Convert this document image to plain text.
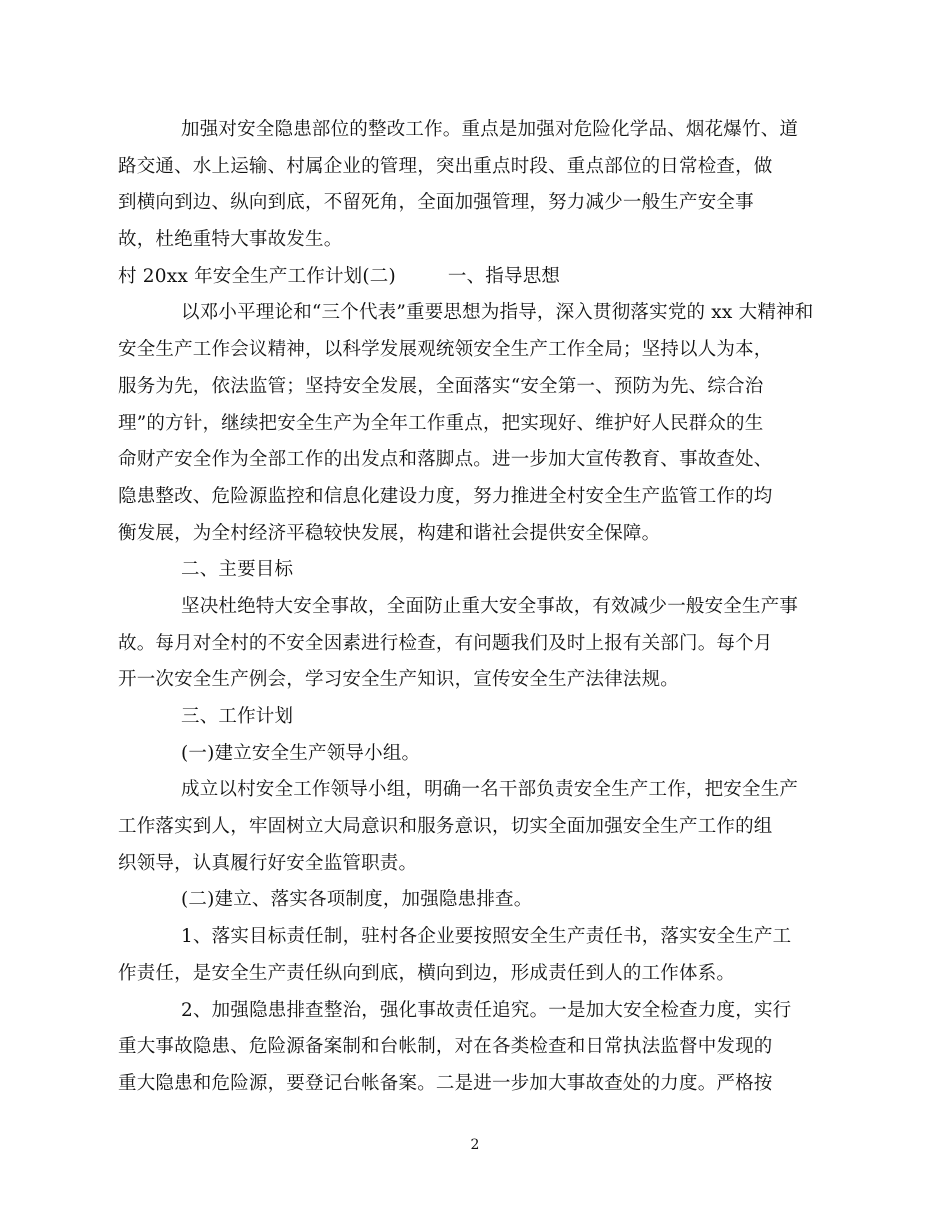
加强对安全隐患部位的整改工作。重点是加强对危险化学品、烟花爆竹、道
路交通、水上运输、村属企业的管理，突出重点时段、重点部位的日常检查，做
到横向到边、纵向到底，不留死角，全面加强管理，努力减少一般生产安全事
故，杜绝重特大事故发生。
村 20xx 年安全生产工作计划(二)	一、指导思想
以邓小平理论和“三个代表”重要思想为指导，深入贯彻落实党的 xx 大精神和
安全生产工作会议精神，以科学发展观统领安全生产工作全局；坚持以人为本，
服务为先，依法监管；坚持安全发展，全面落实“安全第一、预防为先、综合治
理”的方针，继续把安全生产为全年工作重点，把实现好、维护好人民群众的生
命财产安全作为全部工作的出发点和落脚点。进一步加大宣传教育、事故查处、
隐患整改、危险源监控和信息化建设力度，努力推进全村安全生产监管工作的均
衡发展，为全村经济平稳较快发展，构建和谐社会提供安全保障。
二、主要目标
坚决杜绝特大安全事故，全面防止重大安全事故，有效减少一般安全生产事
故。每月对全村的不安全因素进行检查，有问题我们及时上报有关部门。每个月
开一次安全生产例会，学习安全生产知识，宣传安全生产法律法规。
三、工作计划
(一)建立安全生产领导小组。
成立以村安全工作领导小组，明确一名干部负责安全生产工作，把安全生产
工作落实到人，牢固树立大局意识和服务意识，切实全面加强安全生产工作的组
织领导，认真履行好安全监管职责。
(二)建立、落实各项制度，加强隐患排查。
1、落实目标责任制，驻村各企业要按照安全生产责任书，落实安全生产工
作责任，是安全生产责任纵向到底，横向到边，形成责任到人的工作体系。
2、加强隐患排查整治，强化事故责任追究。一是加大安全检查力度，实行
重大事故隐患、危险源备案制和台帐制，对在各类检查和日常执法监督中发现的
重大隐患和危险源，要登记台帐备案。二是进一步加大事故查处的力度。严格按
2
